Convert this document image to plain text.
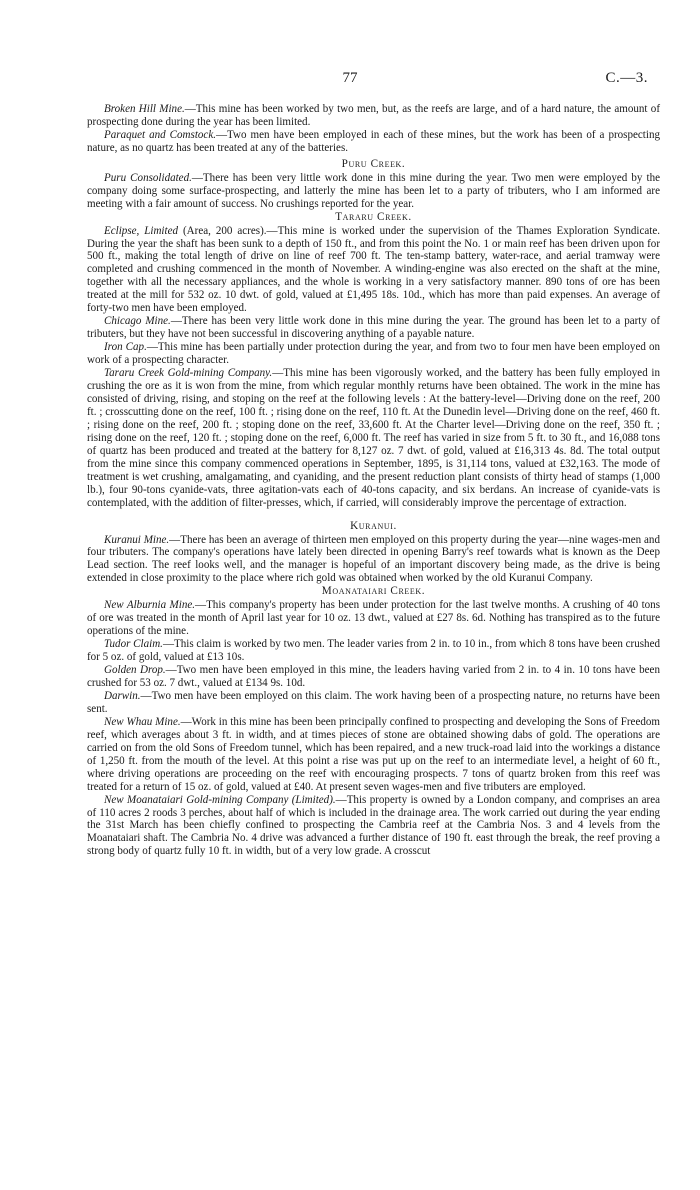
77	C.—3.

Broken Hill Mine.—This mine has been worked by two men, but, as the reefs are large, and of a hard nature, the amount of prospecting done during the year has been limited.

Paraquet and Comstock.—Two men have been employed in each of these mines, but the work has been of a prospecting nature, as no quartz has been treated at any of the batteries.

Puru Creek.

Puru Consolidated.—There has been very little work done in this mine during the year. Two men were employed by the company doing some surface-prospecting, and latterly the mine has been let to a party of tributers, who I am informed are meeting with a fair amount of success. No crushings reported for the year.

Tararu Creek.

Eclipse, Limited (Area, 200 acres).—This mine is worked under the supervision of the Thames Exploration Syndicate. During the year the shaft has been sunk to a depth of 150 ft., and from this point the No. 1 or main reef has been driven upon for 500 ft., making the total length of drive on line of reef 700 ft. The ten-stamp battery, water-race, and aerial tramway were completed and crushing commenced in the month of November. A winding-engine was also erected on the shaft at the mine, together with all the necessary appliances, and the whole is working in a very satisfactory manner. 890 tons of ore has been treated at the mill for 532 oz. 10 dwt. of gold, valued at £1,495 18s. 10d., which has more than paid expenses. An average of forty-two men have been employed.

Chicago Mine.—There has been very little work done in this mine during the year. The ground has been let to a party of tributers, but they have not been successful in discovering anything of a payable nature.

Iron Cap.—This mine has been partially under protection during the year, and from two to four men have been employed on work of a prospecting character.

Tararu Creek Gold-mining Company.—This mine has been vigorously worked, and the battery has been fully employed in crushing the ore as it is won from the mine, from which regular monthly returns have been obtained. The work in the mine has consisted of driving, rising, and stoping on the reef at the following levels : At the battery-level—Driving done on the reef, 200 ft. ; crosscutting done on the reef, 100 ft. ; rising done on the reef, 110 ft. At the Dunedin level—Driving done on the reef, 460 ft. ; rising done on the reef, 200 ft. ; stoping done on the reef, 33,600 ft. At the Charter level—Driving done on the reef, 350 ft. ; rising done on the reef, 120 ft. ; stoping done on the reef, 6,000 ft. The reef has varied in size from 5 ft. to 30 ft., and 16,088 tons of quartz has been produced and treated at the battery for 8,127 oz. 7 dwt. of gold, valued at £16,313 4s. 8d. The total output from the mine since this company commenced operations in September, 1895, is 31,114 tons, valued at £32,163. The mode of treatment is wet crushing, amalgamating, and cyaniding, and the present reduction plant consists of thirty head of stamps (1,000 lb.), four 90-tons cyanide-vats, three agitation-vats each of 40-tons capacity, and six berdans. An increase of cyanide-vats is contemplated, with the addition of filter-presses, which, if carried, will considerably improve the percentage of extraction.

Kuranui.

Kuranui Mine.—There has been an average of thirteen men employed on this property during the year—nine wages-men and four tributers. The company's operations have lately been directed in opening Barry's reef towards what is known as the Deep Lead section. The reef looks well, and the manager is hopeful of an important discovery being made, as the drive is being extended in close proximity to the place where rich gold was obtained when worked by the old Kuranui Company.

Moanataiari Creek.

New Alburnia Mine.—This company's property has been under protection for the last twelve months. A crushing of 40 tons of ore was treated in the month of April last year for 10 oz. 13 dwt., valued at £27 8s. 6d. Nothing has transpired as to the future operations of the mine.

Tudor Claim.—This claim is worked by two men. The leader varies from 2 in. to 10 in., from which 8 tons have been crushed for 5 oz. of gold, valued at £13 10s.

Golden Drop.—Two men have been employed in this mine, the leaders having varied from 2 in. to 4 in. 10 tons have been crushed for 53 oz. 7 dwt., valued at £134 9s. 10d.

Darwin.—Two men have been employed on this claim. The work having been of a prospecting nature, no returns have been sent.

New Whau Mine.—Work in this mine has been been principally confined to prospecting and developing the Sons of Freedom reef, which averages about 3 ft. in width, and at times pieces of stone are obtained showing dabs of gold. The operations are carried on from the old Sons of Freedom tunnel, which has been repaired, and a new truck-road laid into the workings a distance of 1,250 ft. from the mouth of the level. At this point a rise was put up on the reef to an intermediate level, a height of 60 ft., where driving operations are proceeding on the reef with encouraging prospects. 7 tons of quartz broken from this reef was treated for a return of 15 oz. of gold, valued at £40. At present seven wages-men and five tributers are employed.

New Moanataiari Gold-mining Company (Limited).—This property is owned by a London company, and comprises an area of 110 acres 2 roods 3 perches, about half of which is included in the drainage area. The work carried out during the year ending the 31st March has been chiefly confined to prospecting the Cambria reef at the Cambria Nos. 3 and 4 levels from the Moanataiari shaft. The Cambria No. 4 drive was advanced a further distance of 190 ft. east through the break, the reef proving a strong body of quartz fully 10 ft. in width, but of a very low grade. A crosscut
